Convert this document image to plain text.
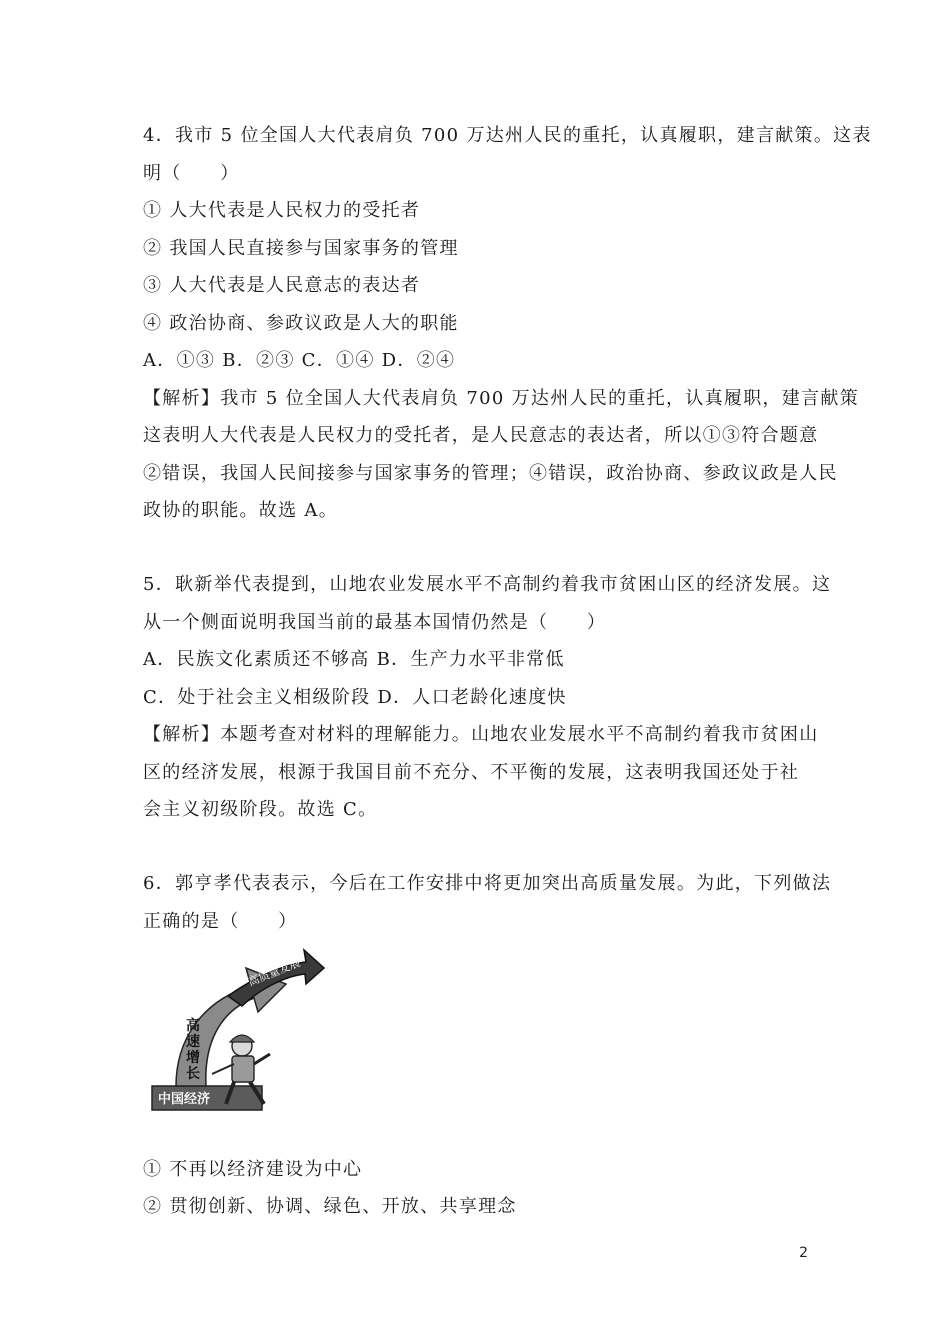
4．我市 5 位全国人大代表肩负 700 万达州人民的重托，认真履职，建言献策。这表
明（　　）
① 人大代表是人民权力的受托者
② 我国人民直接参与国家事务的管理
③ 人大代表是人民意志的表达者
④ 政治协商、参政议政是人大的职能
A．①③ B．②③ C．①④ D．②④
【解析】我市 5 位全国人大代表肩负 700 万达州人民的重托，认真履职，建言献策
这表明人大代表是人民权力的受托者，是人民意志的表达者，所以①③符合题意
②错误，我国人民间接参与国家事务的管理；④错误，政治协商、参政议政是人民
政协的职能。故选 A。
5．耿新举代表提到，山地农业发展水平不高制约着我市贫困山区的经济发展。这
从一个侧面说明我国当前的最基本国情仍然是（　　）
A．民族文化素质还不够高 B．生产力水平非常低
C．处于社会主义相级阶段 D．人口老龄化速度快
【解析】本题考查对材料的理解能力。山地农业发展水平不高制约着我市贫困山
区的经济发展，根源于我国目前不充分、不平衡的发展，这表明我国还处于社
会主义初级阶段。故选 C。
6．郭亨孝代表表示，今后在工作安排中将更加突出高质量发展。为此，下列做法
正确的是（　　）
中国经济
高质量发展
高 速 增 长
① 不再以经济建设为中心
② 贯彻创新、协调、绿色、开放、共享理念
2
